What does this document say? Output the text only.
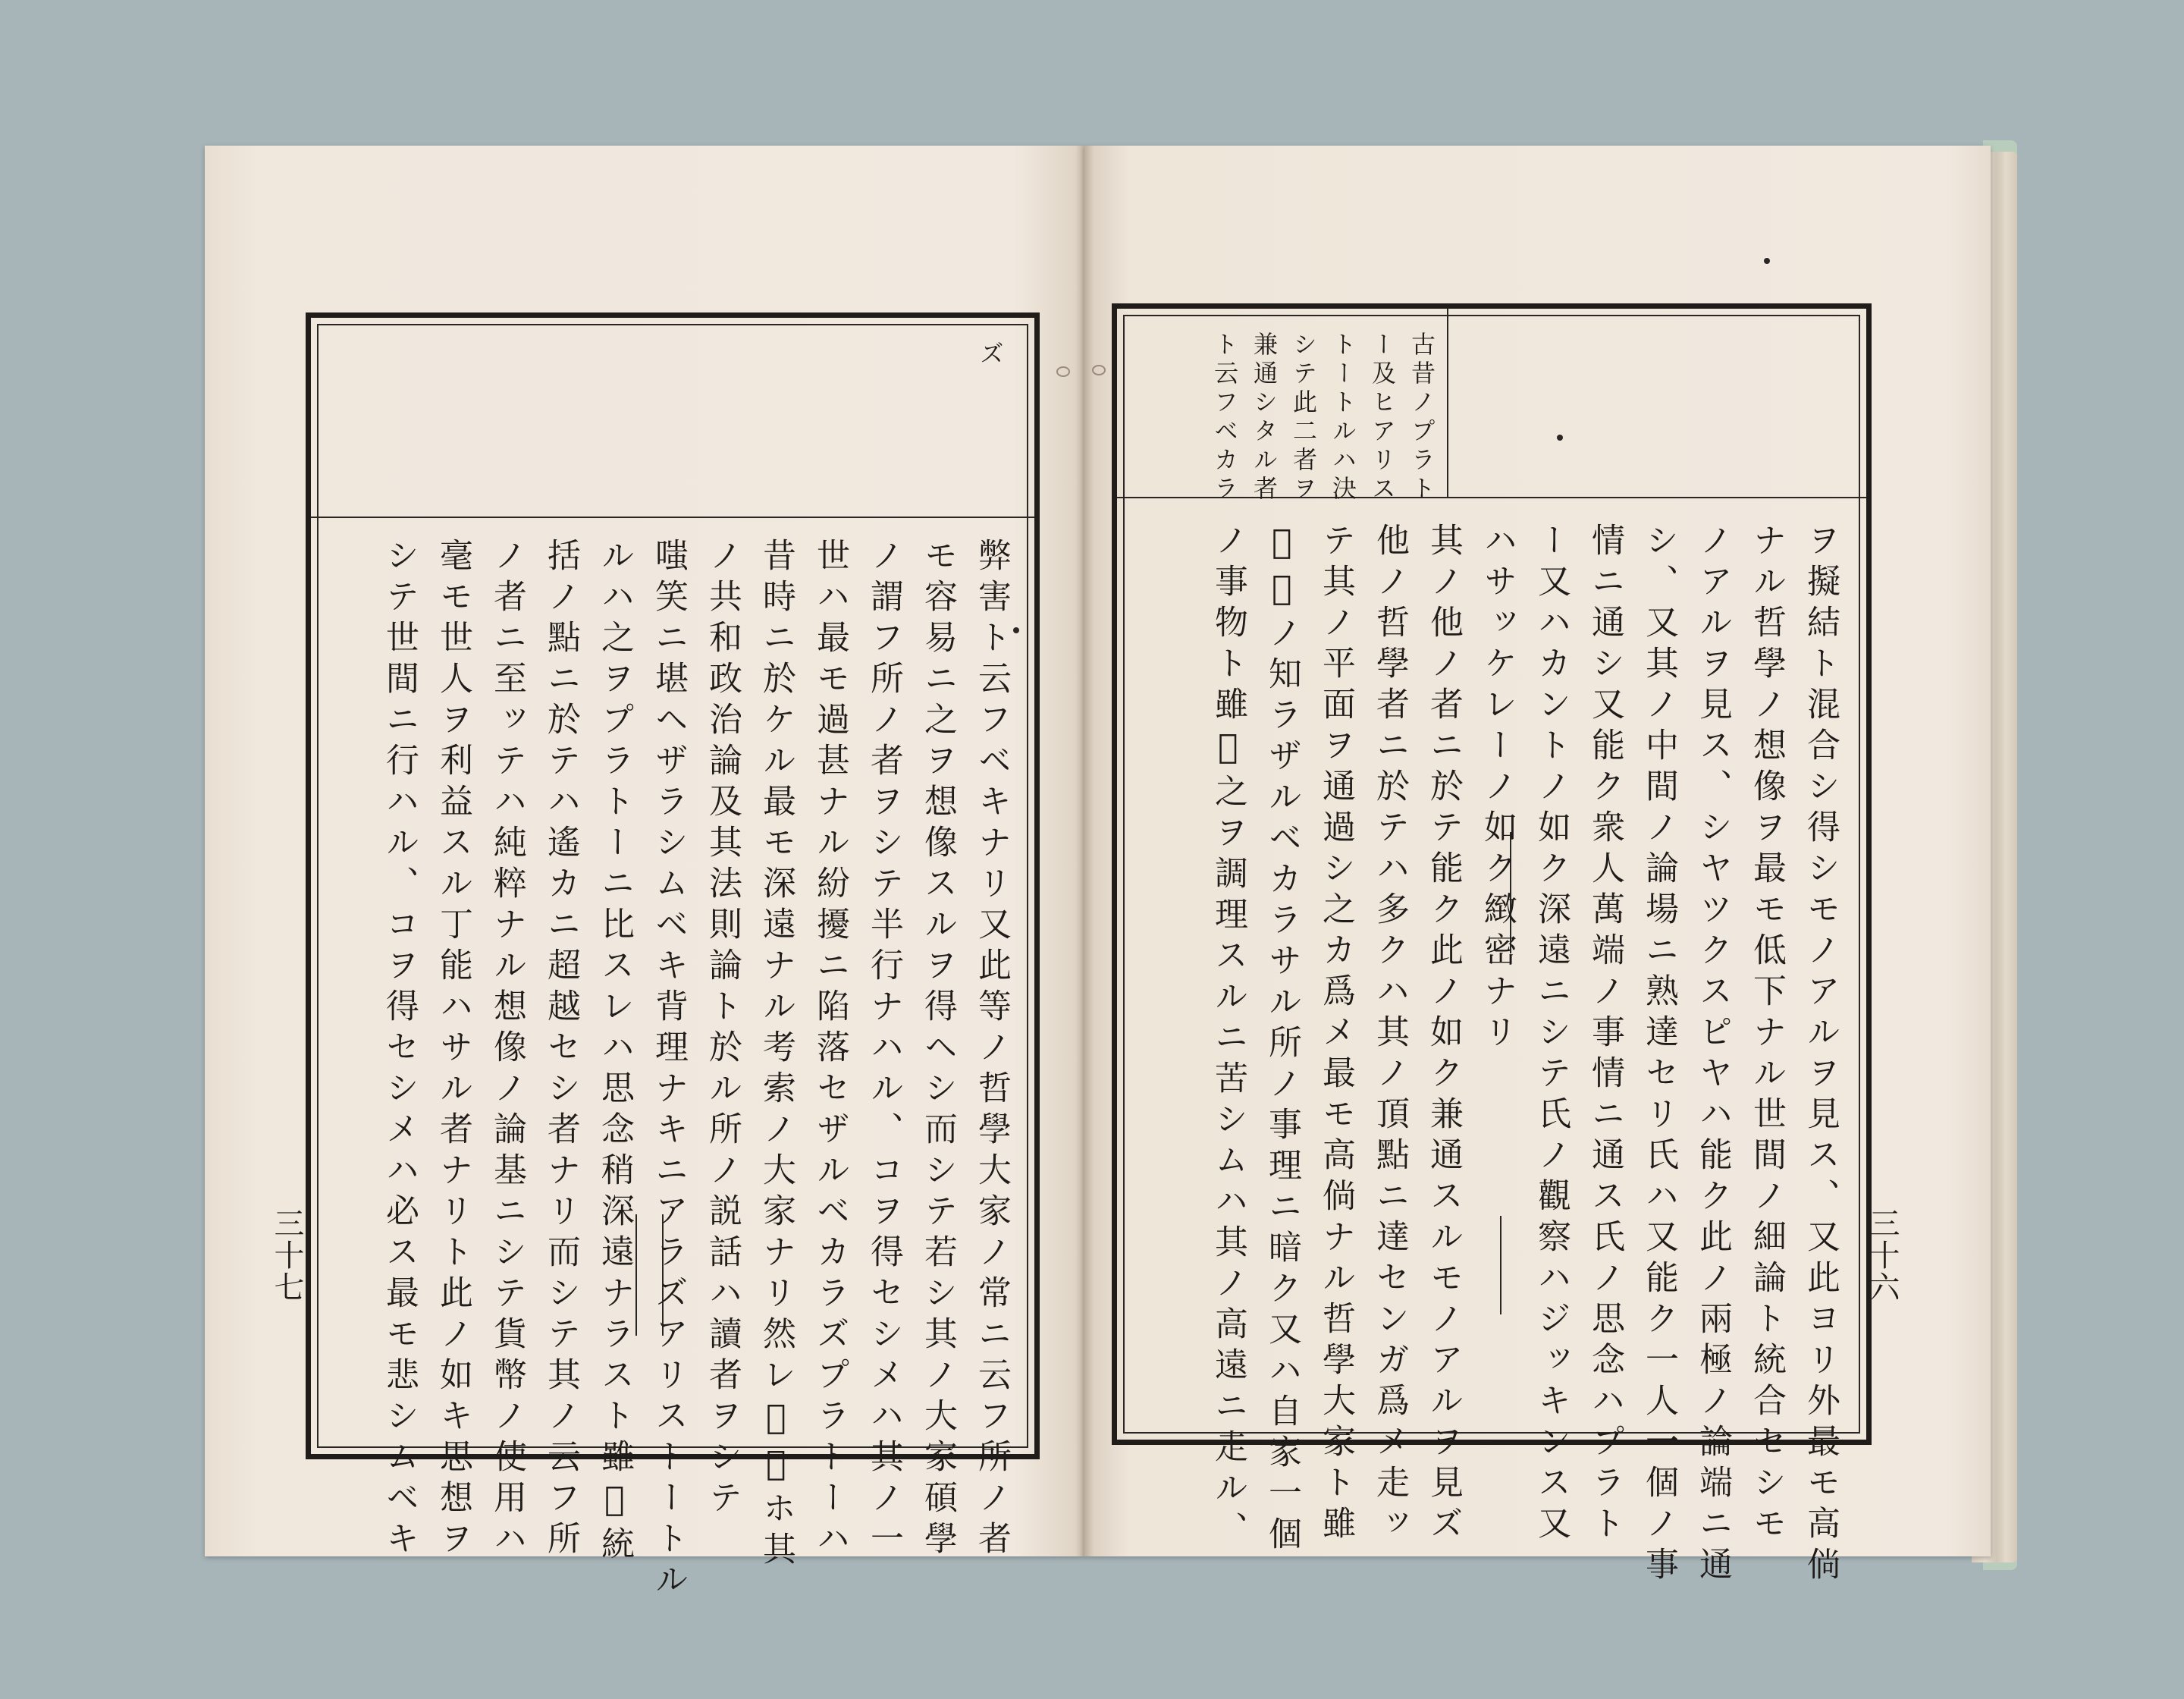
ズ
弊害ト云フベキナリ又此等ノ哲學大家ノ常ニ云フ所ノ者
モ容易ニ之ヲ想像スルヲ得ヘシ而シテ若シ其ノ大家碩學
ノ謂フ所ノ者ヲシテ半行ナハル、コヲ得セシメハ其ノ一
世ハ最モ過甚ナル紛擾ニ陷落セザルベカラズプラトーハ
昔時ニ於ケル最モ深遠ナル考索ノ大家ナリ然レ𪜈倘ホ其
ノ共和政治論及其法則論ト於ル所ノ説話ハ讀者ヲシテ
嗤笑ニ堪ヘザラシムベキ背理ナキニアラズアリストートル
ルハ之ヲプラトーニ比スレハ思念稍深遠ナラスト雖𪜈統
括ノ點ニ於テハ遙カニ超越セシ者ナリ而シテ其ノ云フ所
ノ者ニ至ッテハ純粹ナル想像ノ論基ニシテ貨幣ノ使用ハ
毫モ世人ヲ利益スル丁能ハサル者ナリト此ノ如キ思想ヲ
シテ世間ニ行ハル、コヲ得セシメハ必ス最モ悲シムベキ
三十七
古昔ノプラト
ー及ヒアリス
トートルハ決
シテ此二者ヲ
兼通シタル者
ト云フベカラ
ヲ擬結ト混合シ得シモノアルヲ見ス、又此ヨリ外最モ高倘
ナル哲學ノ想像ヲ最モ低下ナル世間ノ細論ト統合セシモ
ノアルヲ見ス、シヤツクスピヤハ能ク此ノ兩極ノ論端ニ通
シ、又其ノ中間ノ論場ニ熟達セリ氏ハ又能ク一人一個ノ事
情ニ通シ又能ク衆人萬端ノ事情ニ通ス氏ノ思念ハプラト
ー又ハカントノ如ク深遠ニシテ氏ノ觀察ハジッキンス又
ハサッケレーノ如ク緻密ナリ
其ノ他ノ者ニ於テ能ク此ノ如ク兼通スルモノアルヲ見ズ
他ノ哲學者ニ於テハ多クハ其ノ頂點ニ達センガ爲メ走ッ
テ其ノ平面ヲ通過シ之カ爲メ最モ高倘ナル哲學大家ト雖
𪜈其ノ知ラザルベカラサル所ノ事理ニ暗ク又ハ自家一個
ノ事物ト雖𪜈之ヲ調理スルニ苦シムハ其ノ高遠ニ走ル、	三十六
